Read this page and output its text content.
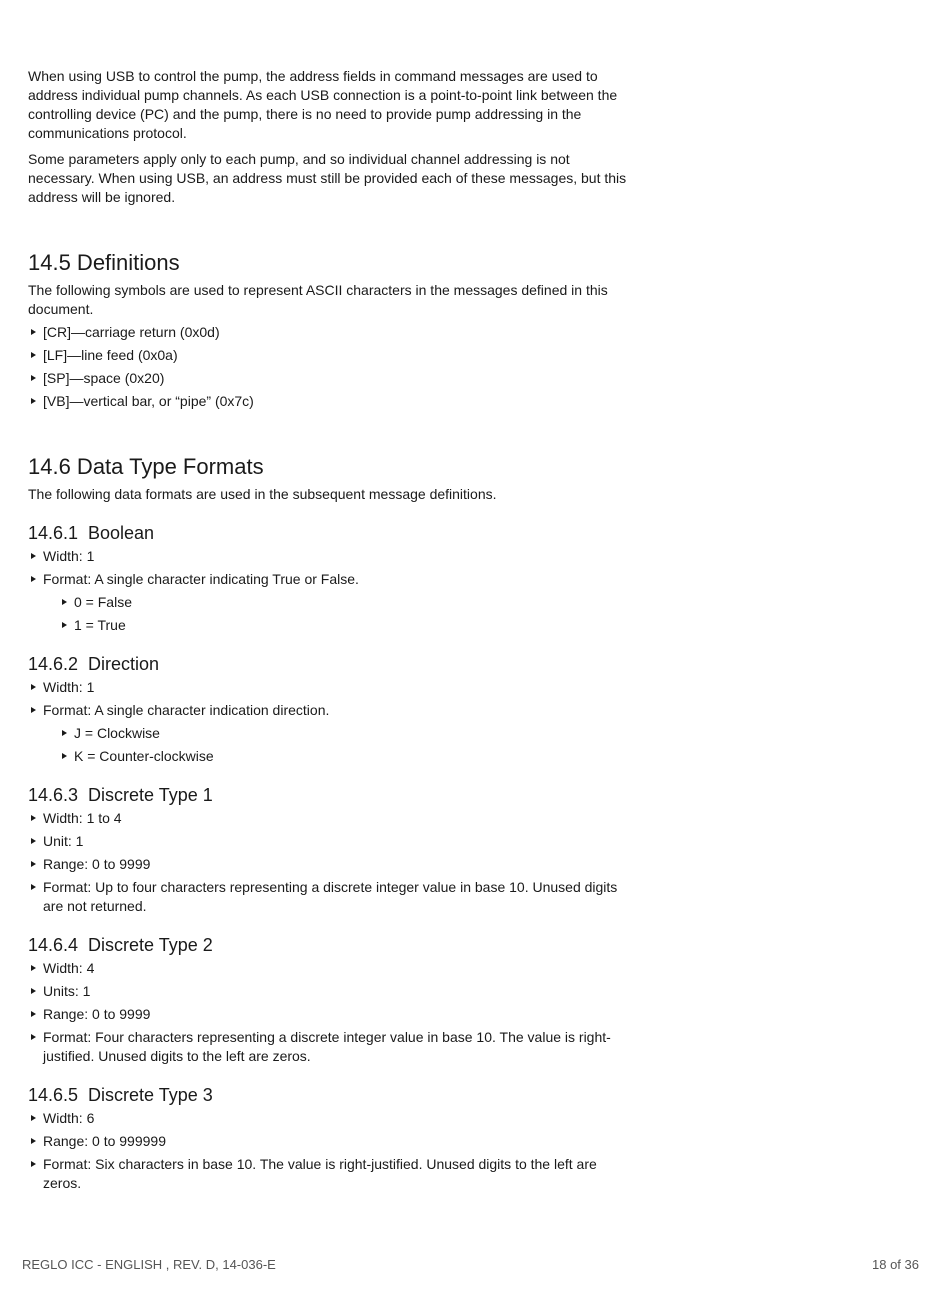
When using USB to control the pump, the address fields in command messages are used to address individual pump channels. As each USB connection is a point-to-point link between the controlling device (PC) and the pump, there is no need to provide pump addressing in the communications protocol.

Some parameters apply only to each pump, and so individual channel addressing is not necessary. When using USB, an address must still be provided each of these messages, but this address will be ignored.

14.5 Definitions

The following symbols are used to represent ASCII characters in the messages defined in this document.

[CR]—carriage return (0x0d)
[LF]—line feed (0x0a)
[SP]—space (0x20)
[VB]—vertical bar, or “pipe” (0x7c)
14.6 Data Type Formats

The following data formats are used in the subsequent message definitions.

14.6.1 Boolean
Width: 1
Format: A single character indicating True or False.
0 = False
1 = True
14.6.2 Direction
Width: 1
Format: A single character indication direction.
J = Clockwise
K = Counter-clockwise
14.6.3 Discrete Type 1
Width: 1 to 4
Unit: 1
Range: 0 to 9999
Format: Up to four characters representing a discrete integer value in base 10. Unused digits are not returned.
14.6.4 Discrete Type 2
Width: 4
Units: 1
Range: 0 to 9999
Format: Four characters representing a discrete integer value in base 10. The value is right-justified. Unused digits to the left are zeros.
14.6.5 Discrete Type 3
Width: 6
Range: 0 to 999999
Format: Six characters in base 10. The value is right-justified. Unused digits to the left are zeros.
REGLO ICC - ENGLISH , REV. D, 14-036-E	18 of 36
